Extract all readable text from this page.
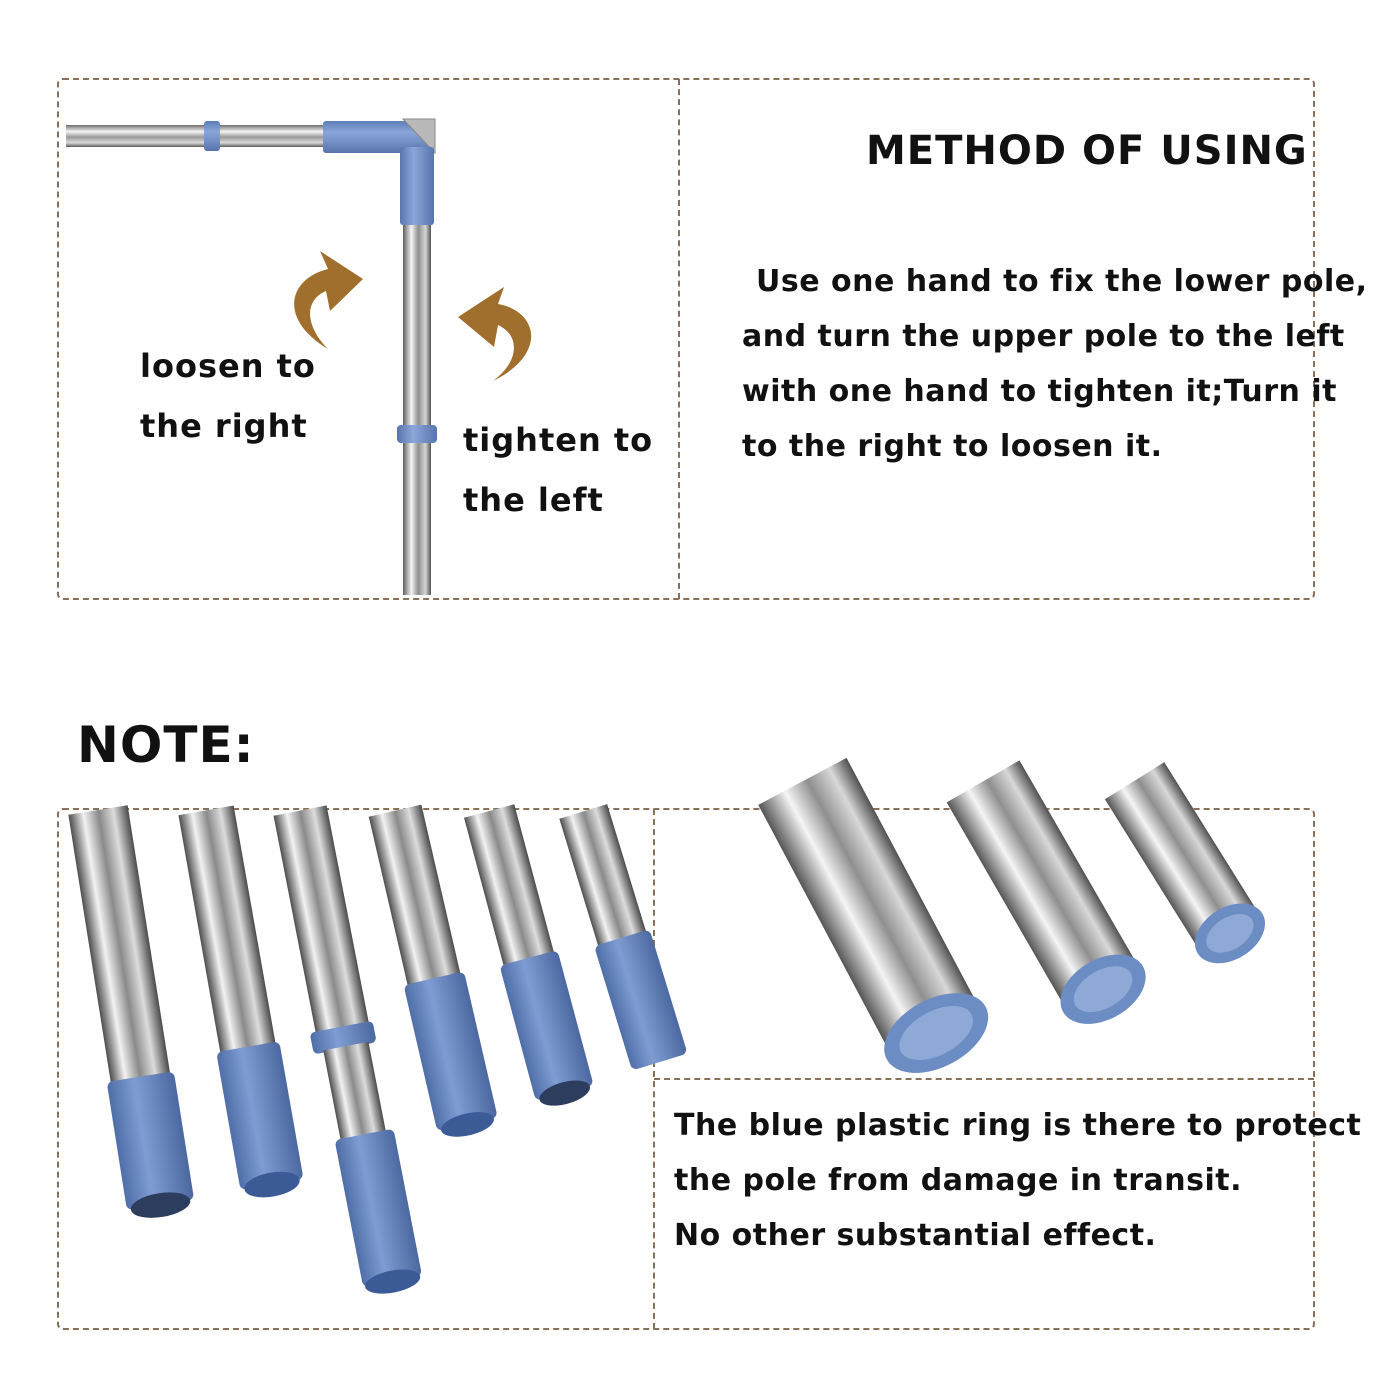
loosen to
the right	tighten to
the left
METHOD OF USING
Use one hand to fix the lower pole,
and turn the upper pole to the left
with one hand to tighten it;Turn it
to the right to loosen it.
NOTE:
The blue plastic ring is there to protect
the pole from damage in transit.
No other substantial effect.
